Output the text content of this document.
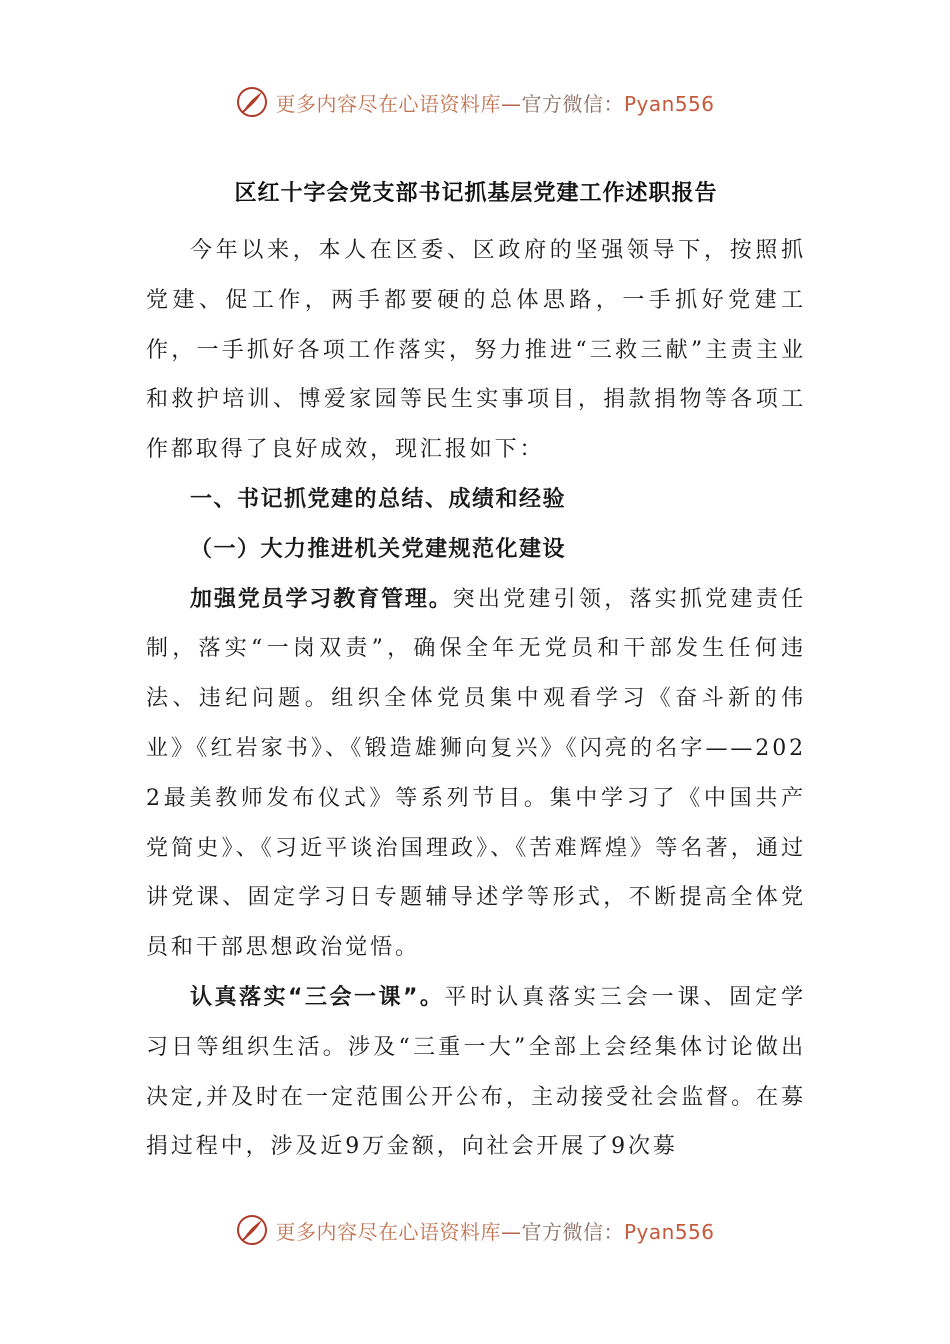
更多内容尽在心语资料库—官方微信：Pyan556
区红十字会党支部书记抓基层党建工作述职报告

今年以来，本人在区委、区政府的坚强领导下，按照抓党建、促工作，两手都要硬的总体思路，一手抓好党建工作，一手抓好各项工作落实，努力推进“三救三献”主责主业和救护培训、博爱家园等民生实事项目，捐款捐物等各项工作都取得了良好成效，现汇报如下：

一、书记抓党建的总结、成绩和经验

（一）大力推进机关党建规范化建设

加强党员学习教育管理。突出党建引领，落实抓党建责任制，落实“一岗双责”，确保全年无党员和干部发生任何违法、违纪问题。组织全体党员集中观看学习《奋斗新的伟业》《红岩家书》、《锻造雄狮向复兴》《闪亮的名字——2022最美教师发布仪式》等系列节目。集中学习了《中国共产党简史》、《习近平谈治国理政》、《苦难辉煌》等名著，通过讲党课、固定学习日专题辅导述学等形式，不断提高全体党员和干部思想政治觉悟。

认真落实“三会一课”。平时认真落实三会一课、固定学习日等组织生活。涉及“三重一大”全部上会经集体讨论做出决定,并及时在一定范围公开公布，主动接受社会监督。在募捐过程中，涉及近9万金额，向社会开展了9次募

更多内容尽在心语资料库—官方微信：Pyan556
